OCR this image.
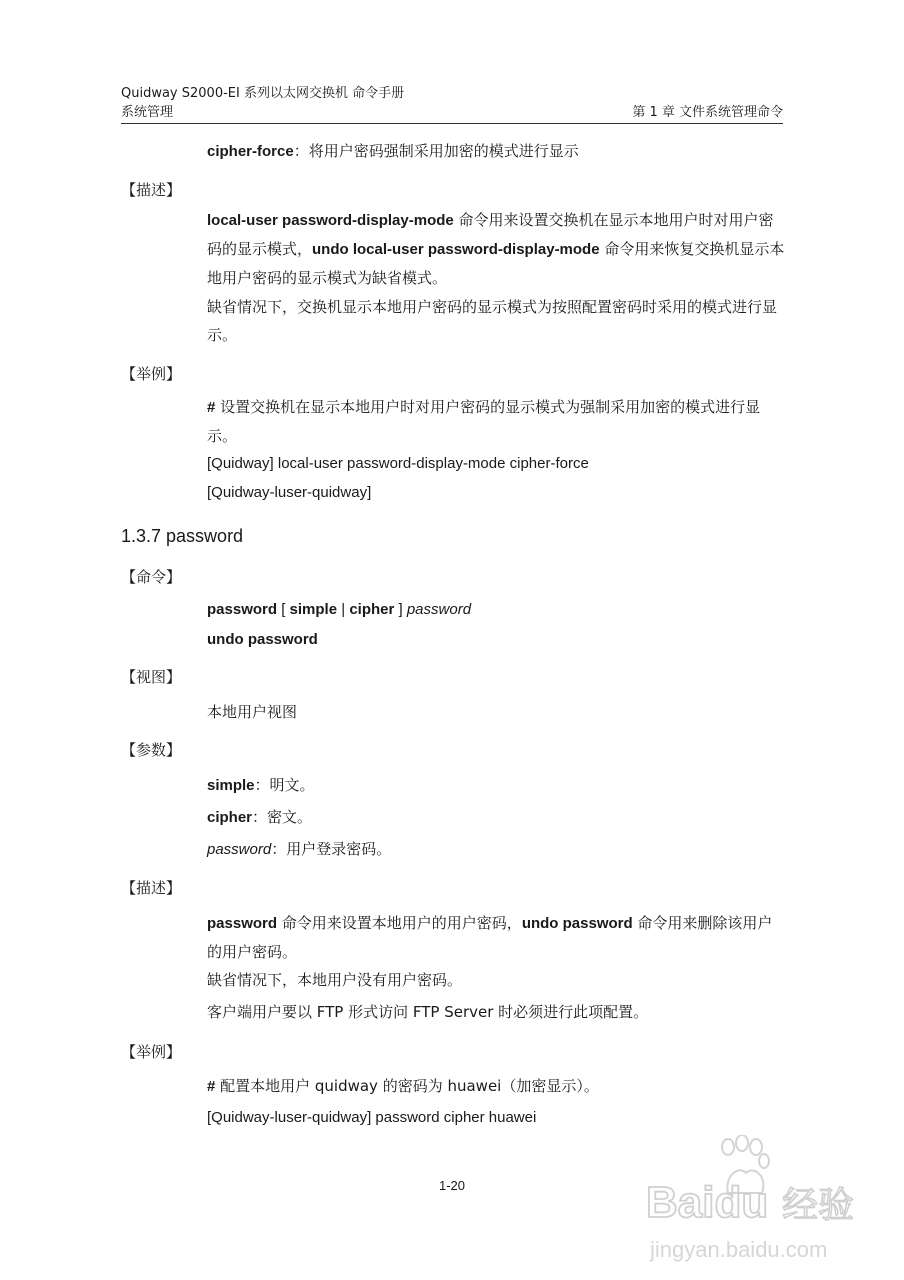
Quidway S2000-EI 系列以太网交换机 命令手册
系统管理	第 1 章 文件系统管理命令
cipher-force：将用户密码强制采用加密的模式进行显示
【描述】
local-user password-display-mode 命令用来设置交换机在显示本地用户时对用户密码的显示模式，undo local-user password-display-mode 命令用来恢复交换机显示本地用户密码的显示模式为缺省模式。
缺省情况下，交换机显示本地用户密码的显示模式为按照配置密码时采用的模式进行显示。
【举例】
# 设置交换机在显示本地用户时对用户密码的显示模式为强制采用加密的模式进行显示。
[Quidway] local-user password-display-mode cipher-force
[Quidway-luser-quidway]
1.3.7 password
【命令】
password [ simple | cipher ] password
undo password
【视图】
本地用户视图
【参数】
simple：明文。
cipher：密文。
password：用户登录密码。
【描述】
password 命令用来设置本地用户的用户密码，undo password 命令用来删除该用户的用户密码。
缺省情况下，本地用户没有用户密码。
客户端用户要以 FTP 形式访问 FTP Server 时必须进行此项配置。
【举例】
# 配置本地用户 quidway 的密码为 huawei（加密显示）。
[Quidway-luser-quidway] password cipher huawei
1-20	Baidu 经验
jingyan.baidu.com
